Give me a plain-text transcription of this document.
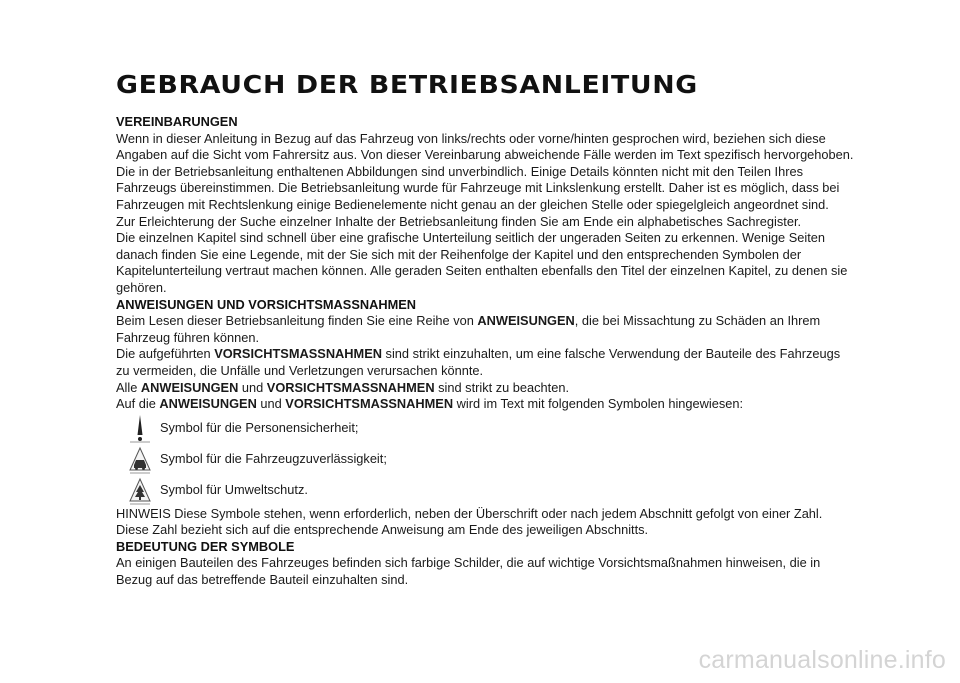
GEBRAUCH DER BETRIEBSANLEITUNG

VEREINBARUNGEN

Wenn in dieser Anleitung in Bezug auf das Fahrzeug von links/rechts oder vorne/hinten gesprochen wird, beziehen sich diese Angaben auf die Sicht vom Fahrersitz aus. Von dieser Vereinbarung abweichende Fälle werden im Text spezifisch hervorgehoben.

Die in der Betriebsanleitung enthaltenen Abbildungen sind unverbindlich. Einige Details könnten nicht mit den Teilen Ihres Fahrzeugs übereinstimmen. Die Betriebsanleitung wurde für Fahrzeuge mit Linkslenkung erstellt. Daher ist es möglich, dass bei Fahrzeugen mit Rechtslenkung einige Bedienelemente nicht genau an der gleichen Stelle oder spiegelgleich angeordnet sind.

Zur Erleichterung der Suche einzelner Inhalte der Betriebsanleitung finden Sie am Ende ein alphabetisches Sachregister.

Die einzelnen Kapitel sind schnell über eine grafische Unterteilung seitlich der ungeraden Seiten zu erkennen. Wenige Seiten danach finden Sie eine Legende, mit der Sie sich mit der Reihenfolge der Kapitel und den entsprechenden Symbolen der Kapitelunterteilung vertraut machen können. Alle geraden Seiten enthalten ebenfalls den Titel der einzelnen Kapitel, zu denen sie gehören.

ANWEISUNGEN UND VORSICHTSMASSNAHMEN

Beim Lesen dieser Betriebsanleitung finden Sie eine Reihe von ANWEISUNGEN, die bei Missachtung zu Schäden an Ihrem Fahrzeug führen können.

Die aufgeführten VORSICHTSMASSNAHMEN sind strikt einzuhalten, um eine falsche Verwendung der Bauteile des Fahrzeugs zu vermeiden, die Unfälle und Verletzungen verursachen könnte.

Alle ANWEISUNGEN und VORSICHTSMASSNAHMEN sind strikt zu beachten.

Auf die ANWEISUNGEN und VORSICHTSMASSNAHMEN wird im Text mit folgenden Symbolen hingewiesen:

Symbol für die Personensicherheit;
Symbol für die Fahrzeugzuverlässigkeit;
Symbol für Umweltschutz.

HINWEIS Diese Symbole stehen, wenn erforderlich, neben der Überschrift oder nach jedem Abschnitt gefolgt von einer Zahl. Diese Zahl bezieht sich auf die entsprechende Anweisung am Ende des jeweiligen Abschnitts.

BEDEUTUNG DER SYMBOLE

An einigen Bauteilen des Fahrzeuges befinden sich farbige Schilder, die auf wichtige Vorsichtsmaßnahmen hinweisen, die in Bezug auf das betreffende Bauteil einzuhalten sind.

carmanualsonline.info
